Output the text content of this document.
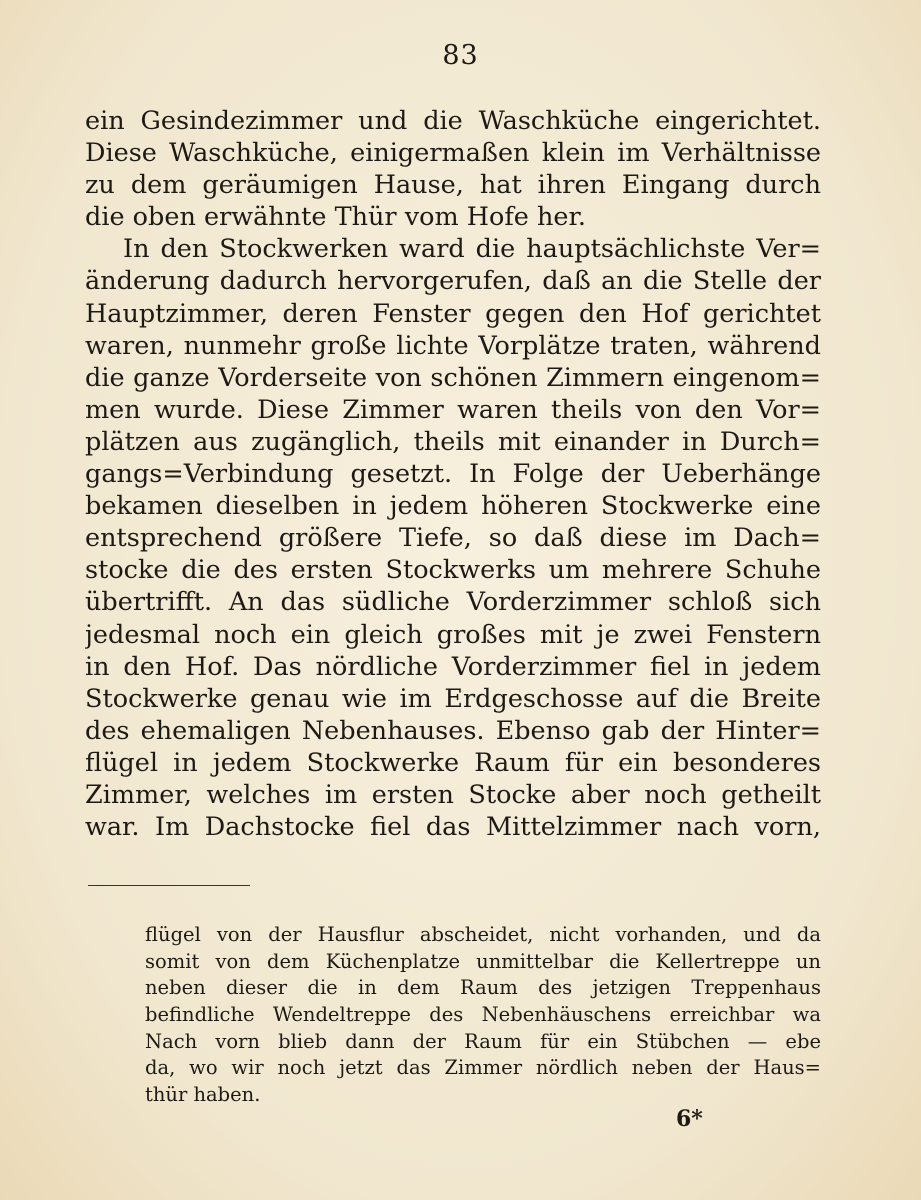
83
ein Gesindezimmer und die Waschküche eingerichtet.
Diese Waschküche, einigermaßen klein im Verhältnisse
zu dem geräumigen Hause, hat ihren Eingang durch
die oben erwähnte Thür vom Hofe her.
In den Stockwerken ward die hauptsächlichste Ver=
änderung dadurch hervorgerufen, daß an die Stelle der
Hauptzimmer, deren Fenster gegen den Hof gerichtet
waren, nunmehr große lichte Vorplätze traten, während
die ganze Vorderseite von schönen Zimmern eingenom=
men wurde. Diese Zimmer waren theils von den Vor=
plätzen aus zugänglich, theils mit einander in Durch=
gangs=Verbindung gesetzt. In Folge der Ueberhänge
bekamen dieselben in jedem höheren Stockwerke eine
entsprechend größere Tiefe, so daß diese im Dach=
stocke die des ersten Stockwerks um mehrere Schuhe
übertrifft. An das südliche Vorderzimmer schloß sich
jedesmal noch ein gleich großes mit je zwei Fenstern
in den Hof. Das nördliche Vorderzimmer fiel in jedem
Stockwerke genau wie im Erdgeschosse auf die Breite
des ehemaligen Nebenhauses. Ebenso gab der Hinter=
flügel in jedem Stockwerke Raum für ein besonderes
Zimmer, welches im ersten Stocke aber noch getheilt
war. Im Dachstocke fiel das Mittelzimmer nach vorn,
flügel von der Hausflur abscheidet, nicht vorhanden, und da
somit von dem Küchenplatze unmittelbar die Kellertreppe un
neben dieser die in dem Raum des jetzigen Treppenhaus
befindliche Wendeltreppe des Nebenhäuschens erreichbar wa
Nach vorn blieb dann der Raum für ein Stübchen — ebe
da, wo wir noch jetzt das Zimmer nördlich neben der Haus=
thür haben.
6*
